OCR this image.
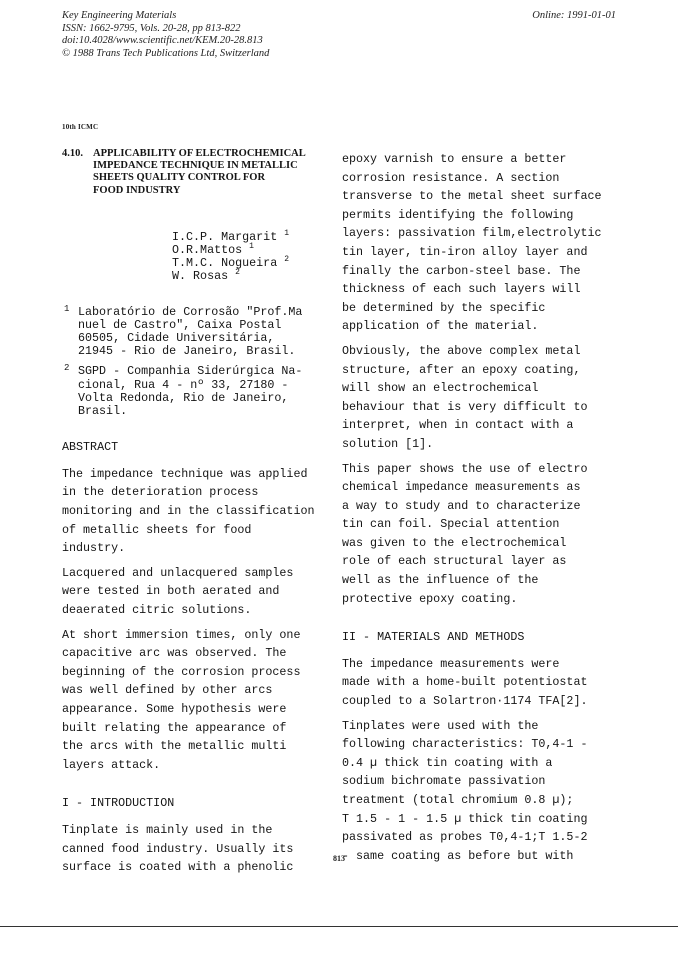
Key Engineering Materials
ISSN: 1662-9795, Vols. 20-28, pp 813-822
doi:10.4028/www.scientific.net/KEM.20-28.813
© 1988 Trans Tech Publications Ltd, Switzerland
Online: 1991-01-01
10th ICMC
4.10. APPLICABILITY OF ELECTROCHEMICAL
IMPEDANCE TECHNIQUE IN METALLIC
SHEETS QUALITY CONTROL FOR
FOOD INDUSTRY
I.C.P. Margarit $^1$
O.R.Mattos $^1$
T.M.C. Nogueira $^2$
W. Rosas $^2$
1 Laboratório de Corrosão "Prof.Ma
nuel de Castro", Caixa Postal
60505, Cidade Universitária,
21945 - Rio de Janeiro, Brasil.
2 SGPD - Companhia Siderúrgica Na-
cional, Rua 4 - nº 33, 27180 -
Volta Redonda, Rio de Janeiro,
Brasil.
ABSTRACT
The impedance technique was applied
in the deterioration process
monitoring and in the classification
of metallic sheets for food
industry.
Lacquered and unlacquered samples
were tested in both aerated and
deaerated citric solutions.
At short immersion times, only one
capacitive arc was observed. The
beginning of the corrosion process
was well defined by other arcs
appearance. Some hypothesis were
built relating the appearance of
the arcs with the metallic multi
layers attack.
I - INTRODUCTION
Tinplate is mainly used in the
canned food industry. Usually its
surface is coated with a phenolic
epoxy varnish to ensure a better
corrosion resistance. A section
transverse to the metal sheet surface
permits identifying the following
layers: passivation film,electrolytic
tin layer, tin-iron alloy layer and
finally the carbon-steel base. The
thickness of each such layers will
be determined by the specific
application of the material.
Obviously, the above complex metal
structure, after an epoxy coating,
will show an electrochemical
behaviour that is very difficult to
interpret, when in contact with a
solution [1].
This paper shows the use of electro
chemical impedance measurements as
a way to study and to characterize
tin can foil. Special attention
was given to the electrochemical
role of each structural layer as
well as the influence of the
protective epoxy coating.
II - MATERIALS AND METHODS
The impedance measurements were
made with a home-built potentiostat
coupled to a Solartron·1174 TFA[2].
Tinplates were used with the
following characteristics: T0,4-1 -
0.4 µ thick tin coating with a
sodium bichromate passivation
treatment (total chromium 0.8 µ);
T 1.5 - 1 - 1.5 µ thick tin coating
passivated as probes T0,4-1;T 1.5-2
- same coating as before but with
813
